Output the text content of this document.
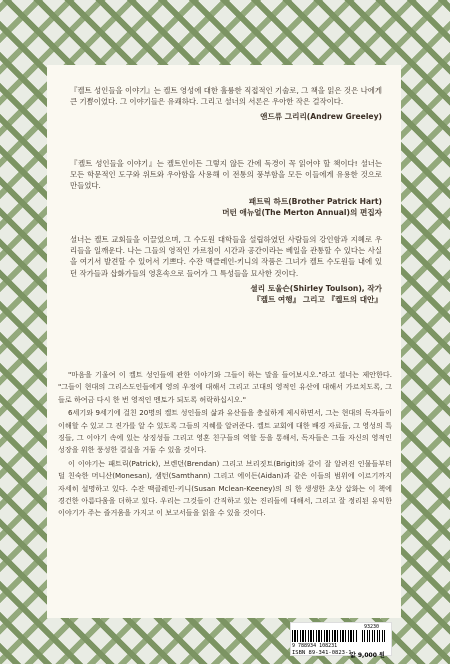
『켈트 성인들을 이야기』는 켈트 영성에 대한 훌륭한 직접적인 기술로, 그 책을 읽은 것은 나에게 큰 기쁨이었다. 그 이야기들은 유쾌하다. 그리고 셜너의 서론은 우아한 작은 걸작이다.

앤드류 그리리(Andrew Greeley)

『켈트 성인들을 이야기』는 켈트인이든 그렇지 않든 간에 독경이 꼭 읽어야 할 책이다! 셜너는 모든 학문적인 도구와 위트와 우아함을 사용해 이 전통의 풍부함을 모든 이들에게 유용한 것으로 만들었다.

패트릭 하트(Brother Patrick Hart)
머턴 애뉴얼(The Merton Annual)의 편집자

셜너는 켈트 교회들을 이끌었으며, 그 수도원 대학들을 설립하였던 사람들의 강인함과 지혜로 우리들을 일깨운다. 나는 그들의 영적인 가르침이 시간과 공간이라는 베일을 관통할 수 있다는 사실을 여기서 발견할 수 있어서 기쁘다. 수잔 맥클레인-키니의 작품은 그녀가 켈트 수도원들 내에 있던 작가들과 삽화가들의 영혼속으로 들어가 그 특성들을 묘사한 것이다.

셜리 토울슨(Shirley Toulson), 작가
『켈트 여행』 그리고 『켈트의 대안』

"마음을 기울여 이 켈트 성인들에 관한 이야기와 그들이 하는 말을 들어보시오."라고 셜너는 제안한다. "그들이 현대의 그리스도인들에게 영의 우정에 대해서 그리고 고대의 영적인 유산에 대해서 가르치도록, 그들로 하여금 다시 한 번 영적인 멘토가 되도록 허락하십시오."

6세기와 9세기에 걸친 20명의 켈트 성인들의 삶과 유산들을 충실하게 제시하면서, 그는 현대의 독자들이 이해할 수 있고 그 진가를 알 수 있도록 그들의 지혜를 알려준다. 켈트 교회에 대한 배경 자료들, 그 영성의 특징들, 그 이야기 속에 있는 상징성들 그리고 영혼 친구들의 역할 등을 통해서, 독자들은 그들 자신의 영적인 성장을 위한 풍성한 결실을 거둘 수 있을 것이다.

이 이야기는 패트릭(Patrick), 브렌던(Brendan) 그리고 브리짓트(Brigit)와 같이 잘 알려진 인물들부터 덜 친숙한 머니산(Monesan), 샘턴(Samthann) 그리고 에이든(Aidan)과 같은 이들의 범위에 이르기까지 자세히 설명하고 있다. 수잔 맥클레인-키니(Susan Mclean-Keeney)의 의 한 생생한 초상 삽화는 이 책에 경건한 아름다움을 더하고 있다. 우리는 그것들이 간직하고 있는 진리들에 대해서, 그리고 잘 정리된 유익한 이야기가 주는 즐거움을 가지고 이 보고서들을 읽을 수 있을 것이다.

93230
9 788934 108231
ISBN 89-341-0823-1
값 9,000 원
